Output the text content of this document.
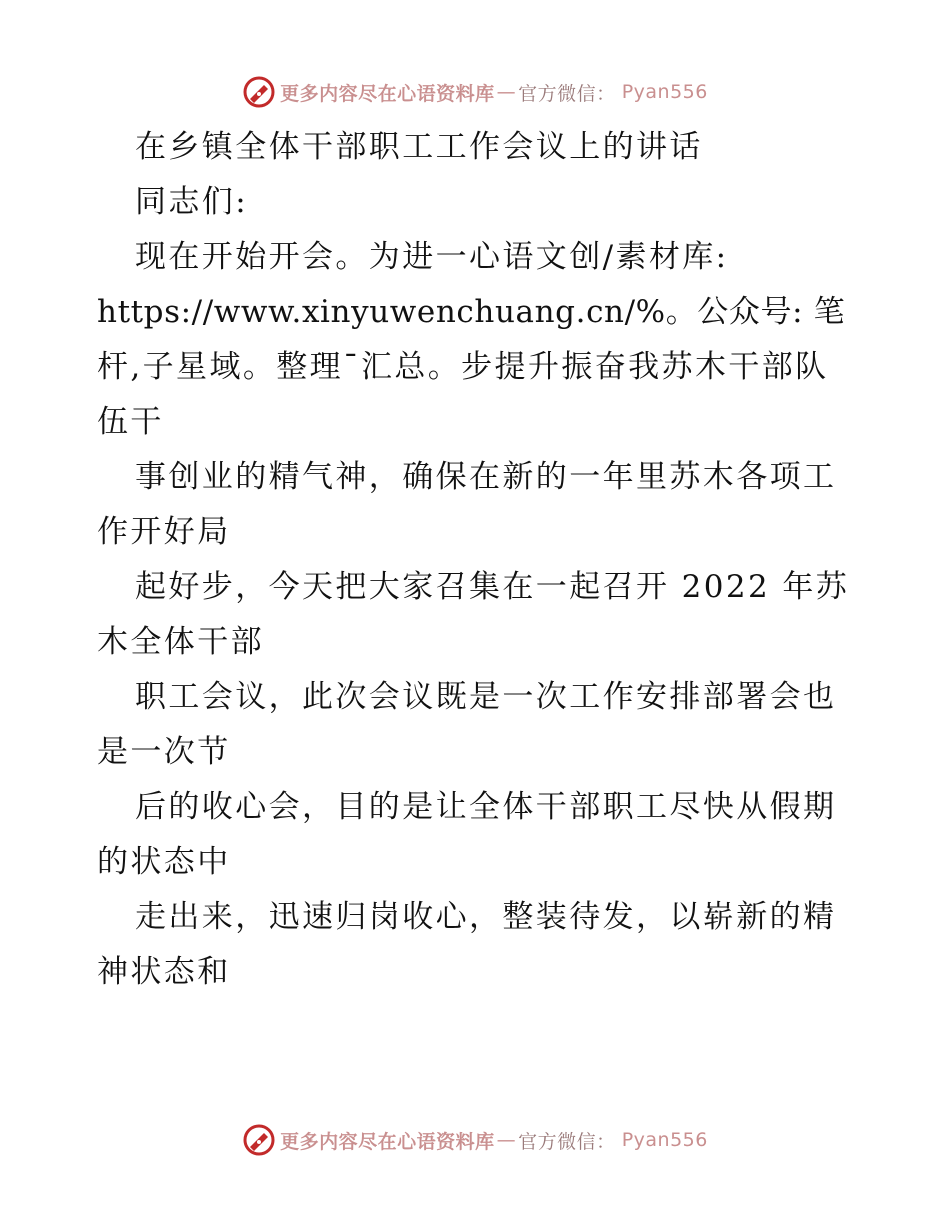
更多内容尽在心语资料库 — 官方微信： Pyan556
在乡镇全体干部职工工作会议上的讲话
同志们:
现在开始开会。为进一心语文创/素材库:
https://www.xinyuwenchuang.cn/%。公众号: 笔
杆,子星域。整理¯汇总。步提升振奋我苏木干部队
伍干
事创业的精气神，确保在新的一年里苏木各项工
作开好局
起好步，今天把大家召集在一起召开 2022 年苏
木全体干部
职工会议，此次会议既是一次工作安排部署会也
是一次节
后的收心会，目的是让全体干部职工尽快从假期
的状态中
走出来，迅速归岗收心，整装待发，以崭新的精
神状态和
更多内容尽在心语资料库 — 官方微信： Pyan556
